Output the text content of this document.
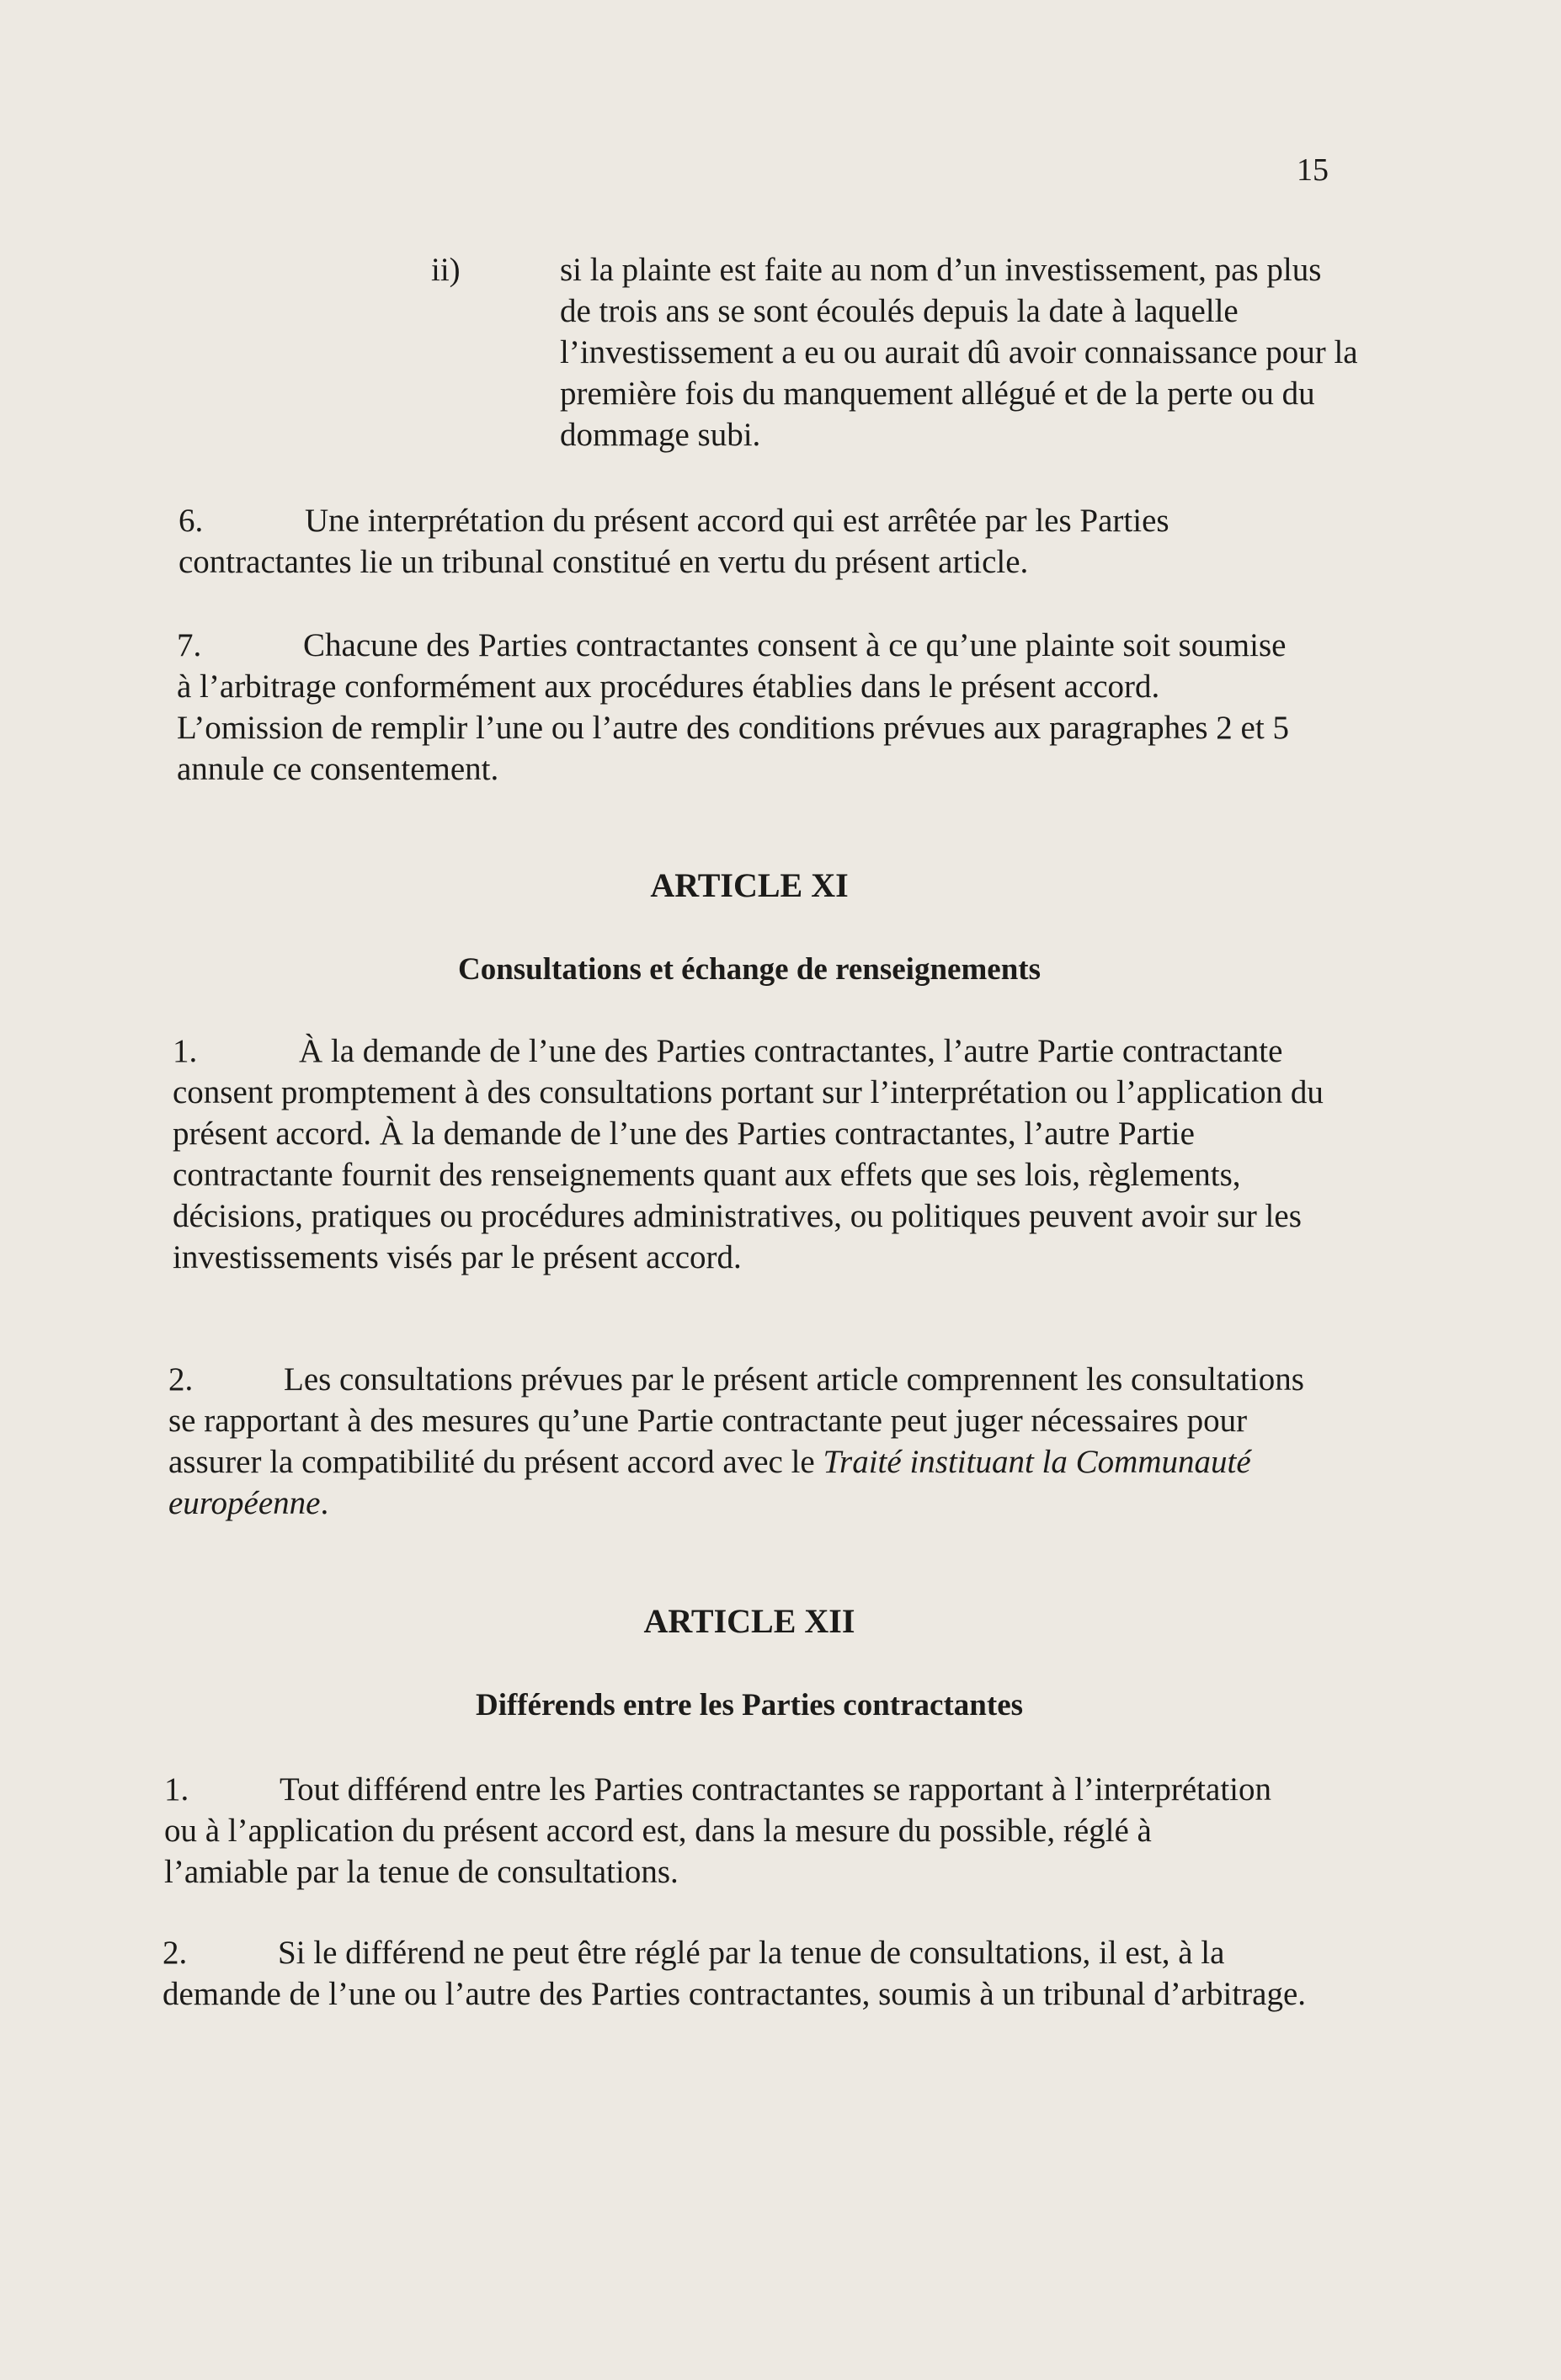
15
ii)	si la plainte est faite au nom d’un investissement, pas plus de trois ans se sont écoulés depuis la date à laquelle l’investissement a eu ou aurait dû avoir connaissance pour la première fois du manquement allégué et de la perte ou du dommage subi.
6.	Une interprétation du présent accord qui est arrêtée par les Parties contractantes lie un tribunal constitué en vertu du présent article.
7.	Chacune des Parties contractantes consent à ce qu’une plainte soit soumise à l’arbitrage conformément aux procédures établies dans le présent accord. L’omission de remplir l’une ou l’autre des conditions prévues aux paragraphes 2 et 5 annule ce consentement.
ARTICLE XI
Consultations et échange de renseignements
1.	À la demande de l’une des Parties contractantes, l’autre Partie contractante consent promptement à des consultations portant sur l’interprétation ou l’application du présent accord. À la demande de l’une des Parties contractantes, l’autre Partie contractante fournit des renseignements quant aux effets que ses lois, règlements, décisions, pratiques ou procédures administratives, ou politiques peuvent avoir sur les investissements visés par le présent accord.
2.	Les consultations prévues par le présent article comprennent les consultations se rapportant à des mesures qu’une Partie contractante peut juger nécessaires pour assurer la compatibilité du présent accord avec le Traité instituant la Communauté européenne.
ARTICLE XII
Différends entre les Parties contractantes
1.	Tout différend entre les Parties contractantes se rapportant à l’interprétation ou à l’application du présent accord est, dans la mesure du possible, réglé à l’amiable par la tenue de consultations.
2.	Si le différend ne peut être réglé par la tenue de consultations, il est, à la demande de l’une ou l’autre des Parties contractantes, soumis à un tribunal d’arbitrage.
